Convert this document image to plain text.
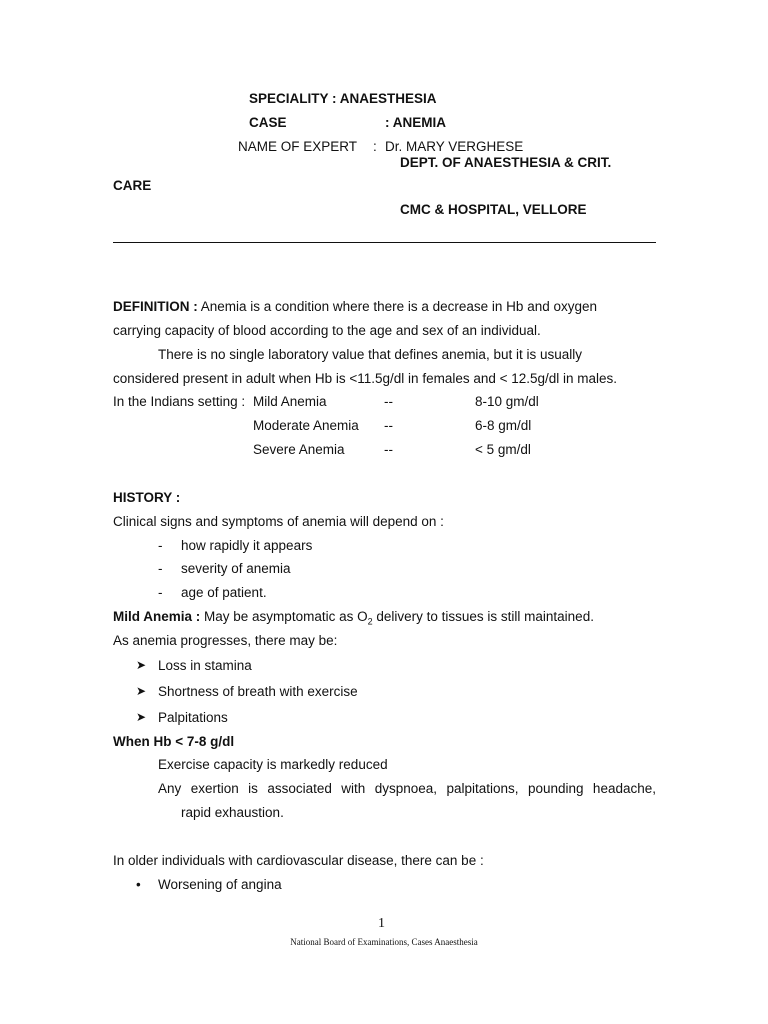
SPECIALITY : ANAESTHESIA
CASE	: ANEMIA
NAME OF EXPERT : Dr. MARY VERGHESE
DEPT. OF ANAESTHESIA & CRIT.
CARE
CMC & HOSPITAL, VELLORE
DEFINITION : Anemia is a condition where there is a decrease in Hb and oxygen
carrying capacity of blood according to the age and sex of an individual.
There is no single laboratory value that defines anemia, but it is usually
considered present in adult when Hb is <11.5g/dl in females and < 12.5g/dl in males.
In the Indians setting : Mild Anemia	--	8-10 gm/dl
Moderate Anemia --	6-8 gm/dl
Severe Anemia	--	< 5 gm/dl
HISTORY :
Clinical signs and symptoms of anemia will depend on :
- how rapidly it appears
- severity of anemia
- age of patient.
Mild Anemia : May be asymptomatic as $O_2$ delivery to tissues is still maintained.
As anemia progresses, there may be:
➤ Loss in stamina
➤ Shortness of breath with exercise
➤ Palpitations
When Hb < 7-8 g/dl
Exercise capacity is markedly reduced
Any exertion is associated with dyspnoea, palpitations, pounding headache,
rapid exhaustion.
In older individuals with cardiovascular disease, there can be :
• Worsening of angina
1
National Board of Examinations, Cases Anaesthesia
